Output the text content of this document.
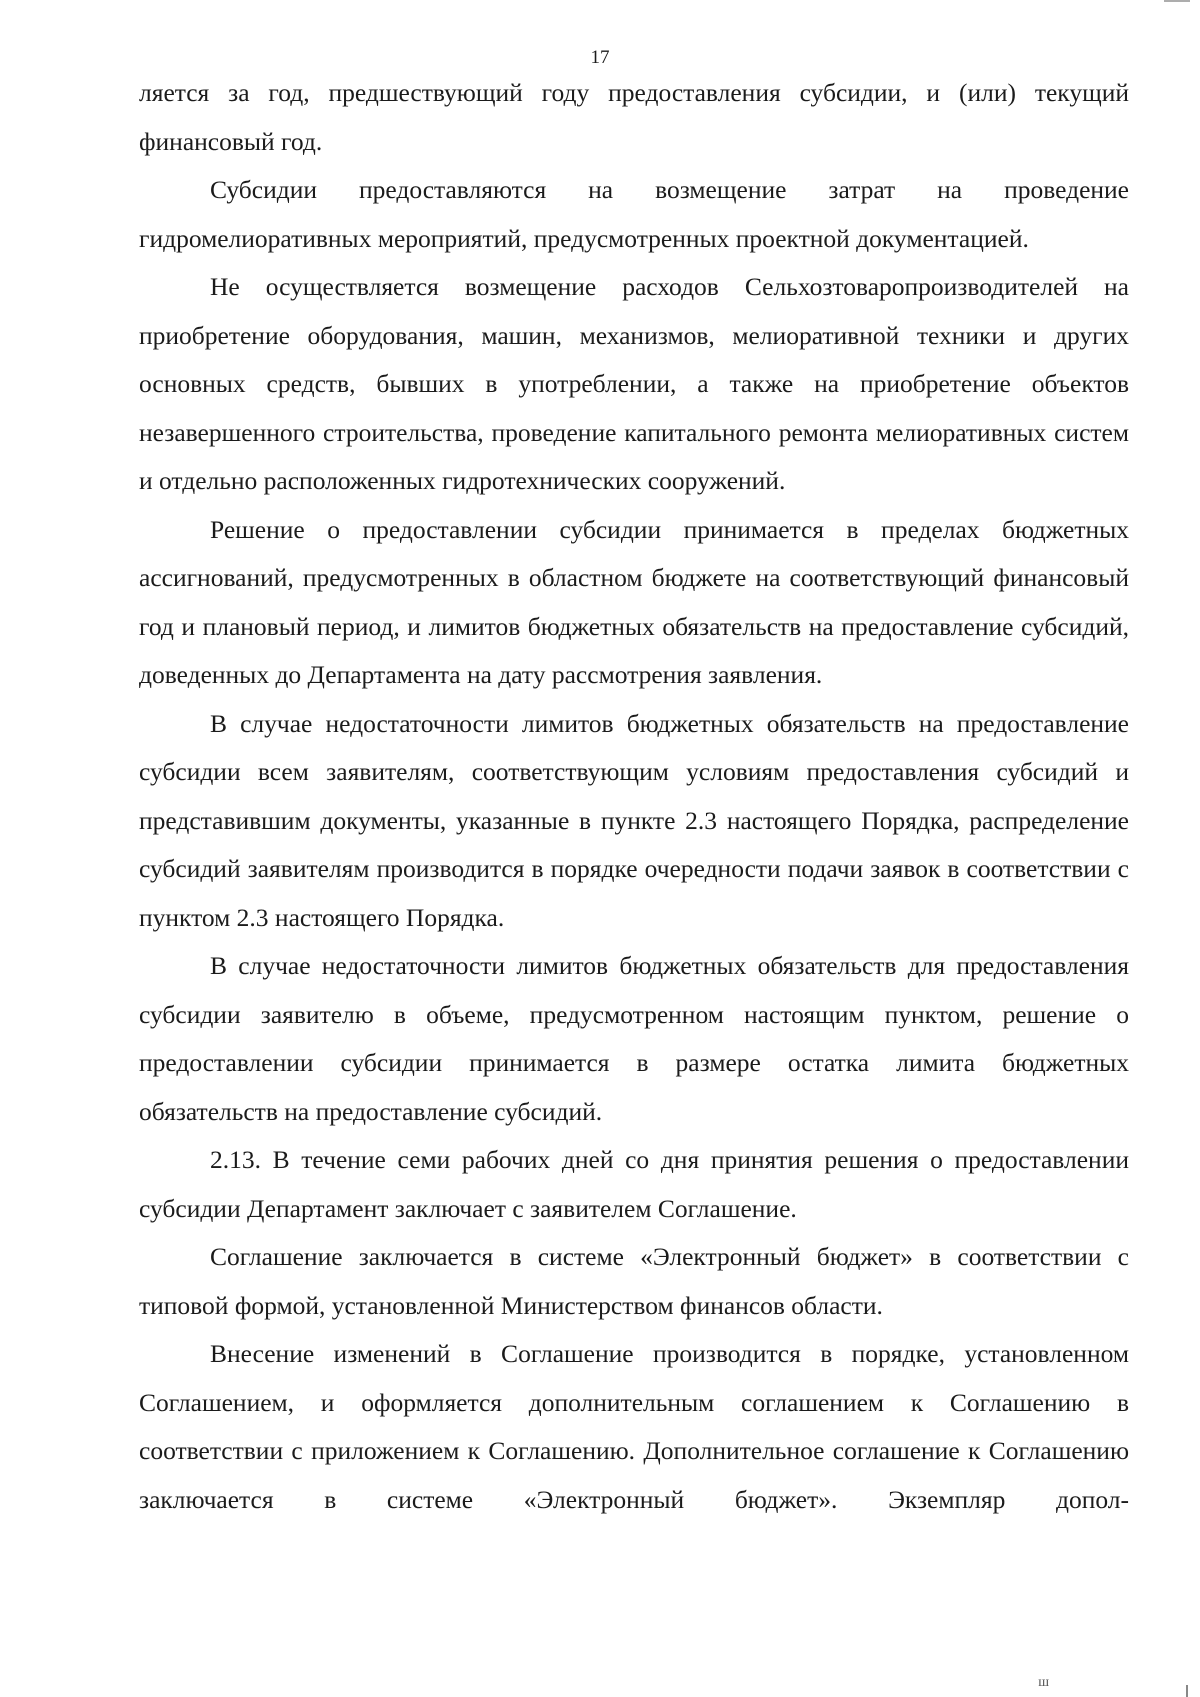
17

ляется за год, предшествующий году предоставления субсидии, и (или) текущий финансовый год.

Субсидии предоставляются на возмещение затрат на проведение гидромелиоративных мероприятий, предусмотренных проектной документацией.

Не осуществляется возмещение расходов Сельхозтоваропроизводителей на приобретение оборудования, машин, механизмов, мелиоративной техники и других основных средств, бывших в употреблении, а также на приобретение объектов незавершенного строительства, проведение капитального ремонта мелиоративных систем и отдельно расположенных гидротехнических сооружений.

Решение о предоставлении субсидии принимается в пределах бюджетных ассигнований, предусмотренных в областном бюджете на соответствующий финансовый год и плановый период, и лимитов бюджетных обязательств на предоставление субсидий, доведенных до Департамента на дату рассмотрения заявления.

В случае недостаточности лимитов бюджетных обязательств на предоставление субсидии всем заявителям, соответствующим условиям предоставления субсидий и представившим документы, указанные в пункте 2.3 настоящего Порядка, распределение субсидий заявителям производится в порядке очередности подачи заявок в соответствии с пунктом 2.3 настоящего Порядка.

В случае недостаточности лимитов бюджетных обязательств для предоставления субсидии заявителю в объеме, предусмотренном настоящим пунктом, решение о предоставлении субсидии принимается в размере остатка лимита бюджетных обязательств на предоставление субсидий.

2.13. В течение семи рабочих дней со дня принятия решения о предоставлении субсидии Департамент заключает с заявителем Соглашение.

Соглашение заключается в системе «Электронный бюджет» в соответствии с типовой формой, установленной Министерством финансов области.

Внесение изменений в Соглашение производится в порядке, установленном Соглашением, и оформляется дополнительным соглашением к Соглашению в соответствии с приложением к Соглашению. Дополнительное соглашение к Соглашению заключается в системе «Электронный бюджет». Экземпляр допол-

ш
